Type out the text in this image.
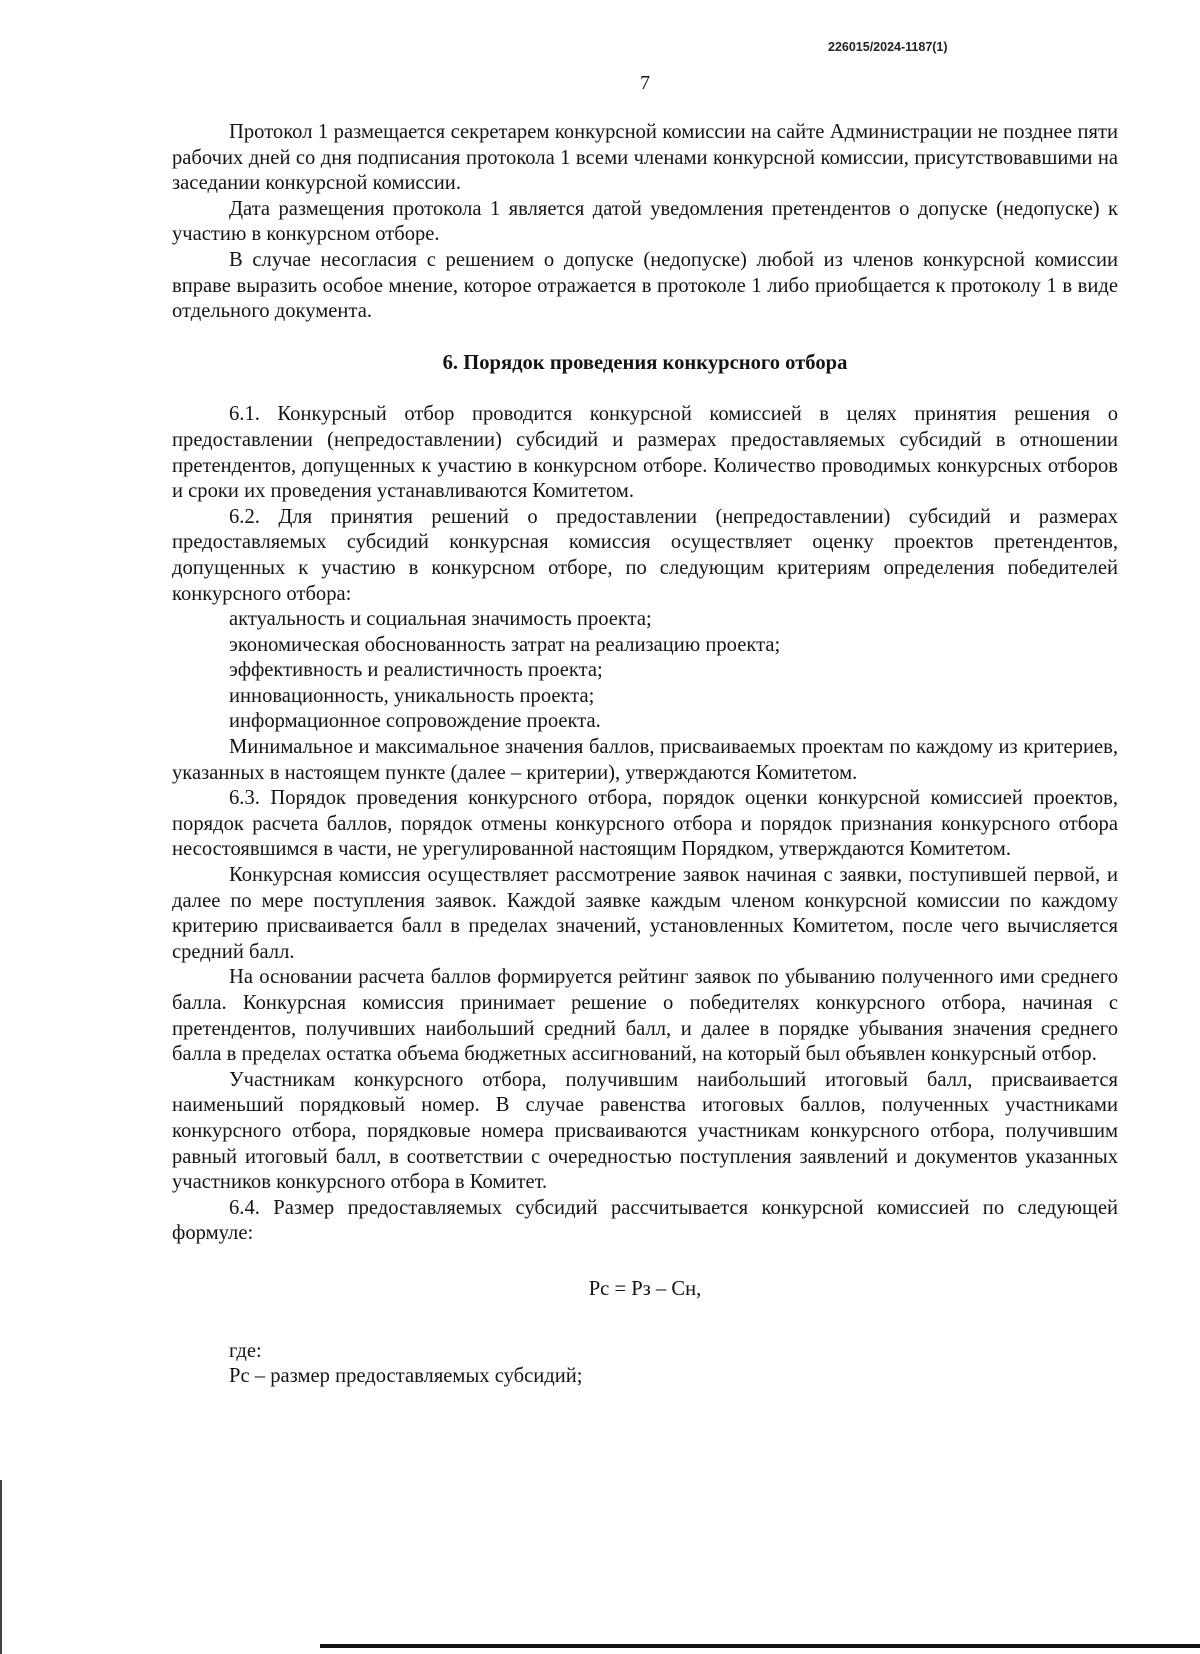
226015/2024-1187(1)
7

Протокол 1 размещается секретарем конкурсной комиссии на сайте Администрации не позднее пяти рабочих дней со дня подписания протокола 1 всеми членами конкурсной комиссии, присутствовавшими на заседании конкурсной комиссии.

Дата размещения протокола 1 является датой уведомления претендентов о допуске (недопуске) к участию в конкурсном отборе.

В случае несогласия с решением о допуске (недопуске) любой из членов конкурсной комиссии вправе выразить особое мнение, которое отражается в протоколе 1 либо приобщается к протоколу 1 в виде отдельного документа.

6. Порядок проведения конкурсного отбора

6.1. Конкурсный отбор проводится конкурсной комиссией в целях принятия решения о предоставлении (непредоставлении) субсидий и размерах предоставляемых субсидий в отношении претендентов, допущенных к участию в конкурсном отборе. Количество проводимых конкурсных отборов и сроки их проведения устанавливаются Комитетом.

6.2. Для принятия решений о предоставлении (непредоставлении) субсидий и размерах предоставляемых субсидий конкурсная комиссия осуществляет оценку проектов претендентов, допущенных к участию в конкурсном отборе, по следующим критериям определения победителей конкурсного отбора:

актуальность и социальная значимость проекта;

экономическая обоснованность затрат на реализацию проекта;

эффективность и реалистичность проекта;

инновационность, уникальность проекта;

информационное сопровождение проекта.

Минимальное и максимальное значения баллов, присваиваемых проектам по каждому из критериев, указанных в настоящем пункте (далее – критерии), утверждаются Комитетом.

6.3. Порядок проведения конкурсного отбора, порядок оценки конкурсной комиссией проектов, порядок расчета баллов, порядок отмены конкурсного отбора и порядок признания конкурсного отбора несостоявшимся в части, не урегулированной настоящим Порядком, утверждаются Комитетом.

Конкурсная комиссия осуществляет рассмотрение заявок начиная с заявки, поступившей первой, и далее по мере поступления заявок. Каждой заявке каждым членом конкурсной комиссии по каждому критерию присваивается балл в пределах значений, установленных Комитетом, после чего вычисляется средний балл.

На основании расчета баллов формируется рейтинг заявок по убыванию полученного ими среднего балла. Конкурсная комиссия принимает решение о победителях конкурсного отбора, начиная с претендентов, получивших наибольший средний балл, и далее в порядке убывания значения среднего балла в пределах остатка объема бюджетных ассигнований, на который был объявлен конкурсный отбор.

Участникам конкурсного отбора, получившим наибольший итоговый балл, присваивается наименьший порядковый номер. В случае равенства итоговых баллов, полученных участниками конкурсного отбора, порядковые номера присваиваются участникам конкурсного отбора, получившим равный итоговый балл, в соответствии с очередностью поступления заявлений и документов указанных участников конкурсного отбора в Комитет.

6.4. Размер предоставляемых субсидий рассчитывается конкурсной комиссией по следующей формуле:

Рс = Рз – Сн,

где:

Рс – размер предоставляемых субсидий;
